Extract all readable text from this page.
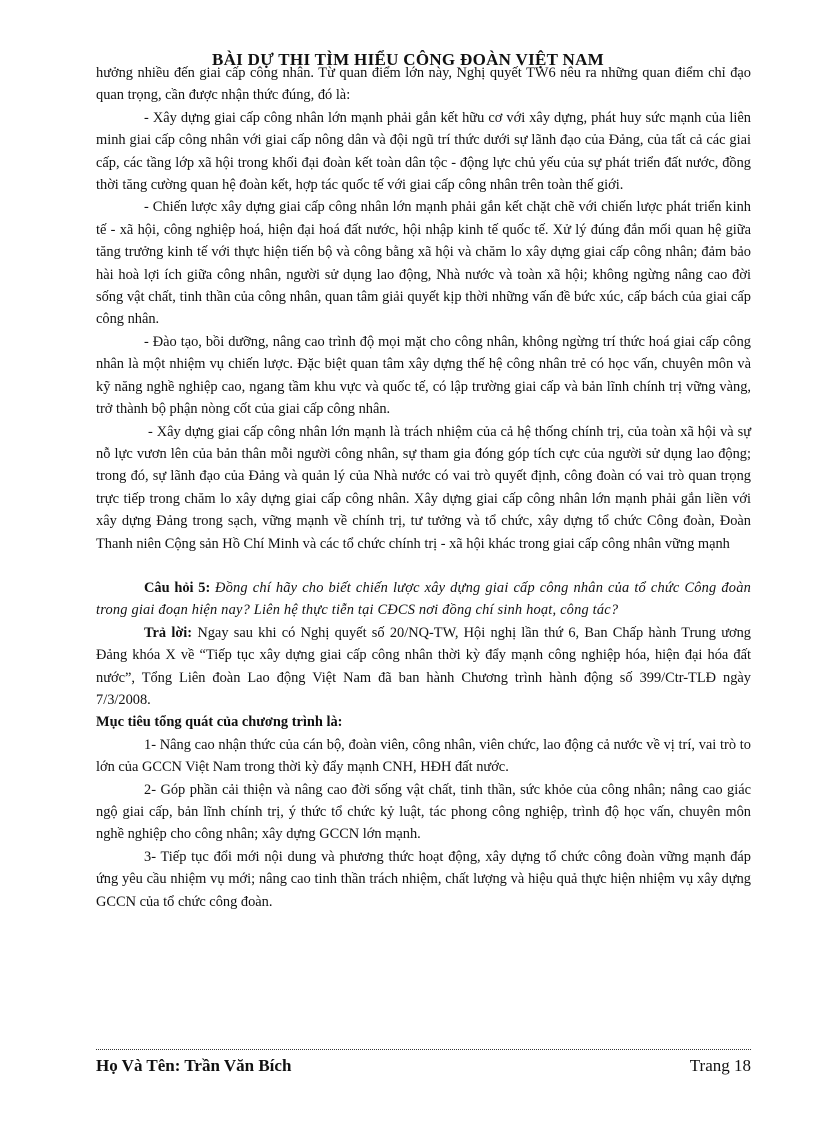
BÀI DỰ THI TÌM HIỂU CÔNG ĐOÀN VIỆT NAM

hưởng nhiều đến giai cấp công nhân. Từ quan điểm lớn này, Nghị quyết TW6 nêu ra những quan điểm chỉ đạo quan trọng, cần được nhận thức đúng, đó là:

- Xây dựng giai cấp công nhân lớn mạnh phải gắn kết hữu cơ với xây dựng, phát huy sức mạnh của liên minh giai cấp công nhân với giai cấp nông dân và đội ngũ trí thức dưới sự lãnh đạo của Đảng, của tất cả các giai cấp, các tầng lớp xã hội trong khối đại đoàn kết toàn dân tộc - động lực chủ yếu của sự phát triển đất nước, đồng thời tăng cường quan hệ đoàn kết, hợp tác quốc tế với giai cấp công nhân trên toàn thế giới.

- Chiến lược xây dựng giai cấp công nhân lớn mạnh phải gắn kết chặt chẽ với chiến lược phát triển kinh tế - xã hội, công nghiệp hoá, hiện đại hoá đất nước, hội nhập kinh tế quốc tế. Xử lý đúng đắn mối quan hệ giữa tăng trưởng kinh tế với thực hiện tiến bộ và công bằng xã hội và chăm lo xây dựng giai cấp công nhân; đảm bảo hài hoà lợi ích giữa công nhân, người sử dụng lao động, Nhà nước và toàn xã hội; không ngừng nâng cao đời sống vật chất, tinh thần của công nhân, quan tâm giải quyết kịp thời những vấn đề bức xúc, cấp bách của giai cấp công nhân.

- Đào tạo, bồi dưỡng, nâng cao trình độ mọi mặt cho công nhân, không ngừng trí thức hoá giai cấp công nhân là một nhiệm vụ chiến lược. Đặc biệt quan tâm xây dựng thế hệ công nhân trẻ có học vấn, chuyên môn và kỹ năng nghề nghiệp cao, ngang tầm khu vực và quốc tế, có lập trường giai cấp và bản lĩnh chính trị vững vàng, trở thành bộ phận nòng cốt của giai cấp công nhân.

- Xây dựng giai cấp công nhân lớn mạnh là trách nhiệm của cả hệ thống chính trị, của toàn xã hội và sự nỗ lực vươn lên của bản thân mỗi người công nhân, sự tham gia đóng góp tích cực của người sử dụng lao động; trong đó, sự lãnh đạo của Đảng và quản lý của Nhà nước có vai trò quyết định, công đoàn có vai trò quan trọng trực tiếp trong chăm lo xây dựng giai cấp công nhân. Xây dựng giai cấp công nhân lớn mạnh phải gắn liền với xây dựng Đảng trong sạch, vững mạnh về chính trị, tư tưởng và tổ chức, xây dựng tổ chức Công đoàn, Đoàn Thanh niên Cộng sản Hồ Chí Minh và các tổ chức chính trị - xã hội khác trong giai cấp công nhân vững mạnh

Câu hỏi 5: Đồng chí hãy cho biết chiến lược xây dựng giai cấp công nhân của tổ chức Công đoàn trong giai đoạn hiện nay? Liên hệ thực tiễn tại CĐCS nơi đồng chí sinh hoạt, công tác?

Trả lời: Ngay sau khi có Nghị quyết số 20/NQ-TW, Hội nghị lần thứ 6, Ban Chấp hành Trung ương Đảng khóa X về “Tiếp tục xây dựng giai cấp công nhân thời kỳ đẩy mạnh công nghiệp hóa, hiện đại hóa đất nước”, Tổng Liên đoàn Lao động Việt Nam đã ban hành Chương trình hành động số 399/Ctr-TLĐ ngày 7/3/2008.

Mục tiêu tổng quát của chương trình là:

1- Nâng cao nhận thức của cán bộ, đoàn viên, công nhân, viên chức, lao động cả nước về vị trí, vai trò to lớn của GCCN Việt Nam trong thời kỳ đẩy mạnh CNH, HĐH đất nước.

2- Góp phần cải thiện và nâng cao đời sống vật chất, tinh thần, sức khỏe của công nhân; nâng cao giác ngộ giai cấp, bản lĩnh chính trị, ý thức tổ chức kỷ luật, tác phong công nghiệp, trình độ học vấn, chuyên môn nghề nghiệp cho công nhân; xây dựng GCCN lớn mạnh.

3- Tiếp tục đổi mới nội dung và phương thức hoạt động, xây dựng tổ chức công đoàn vững mạnh đáp ứng yêu cầu nhiệm vụ mới; nâng cao tinh thần trách nhiệm, chất lượng và hiệu quả thực hiện nhiệm vụ xây dựng GCCN của tổ chức công đoàn.

Họ Và Tên: Trần Văn Bích	Trang 18
